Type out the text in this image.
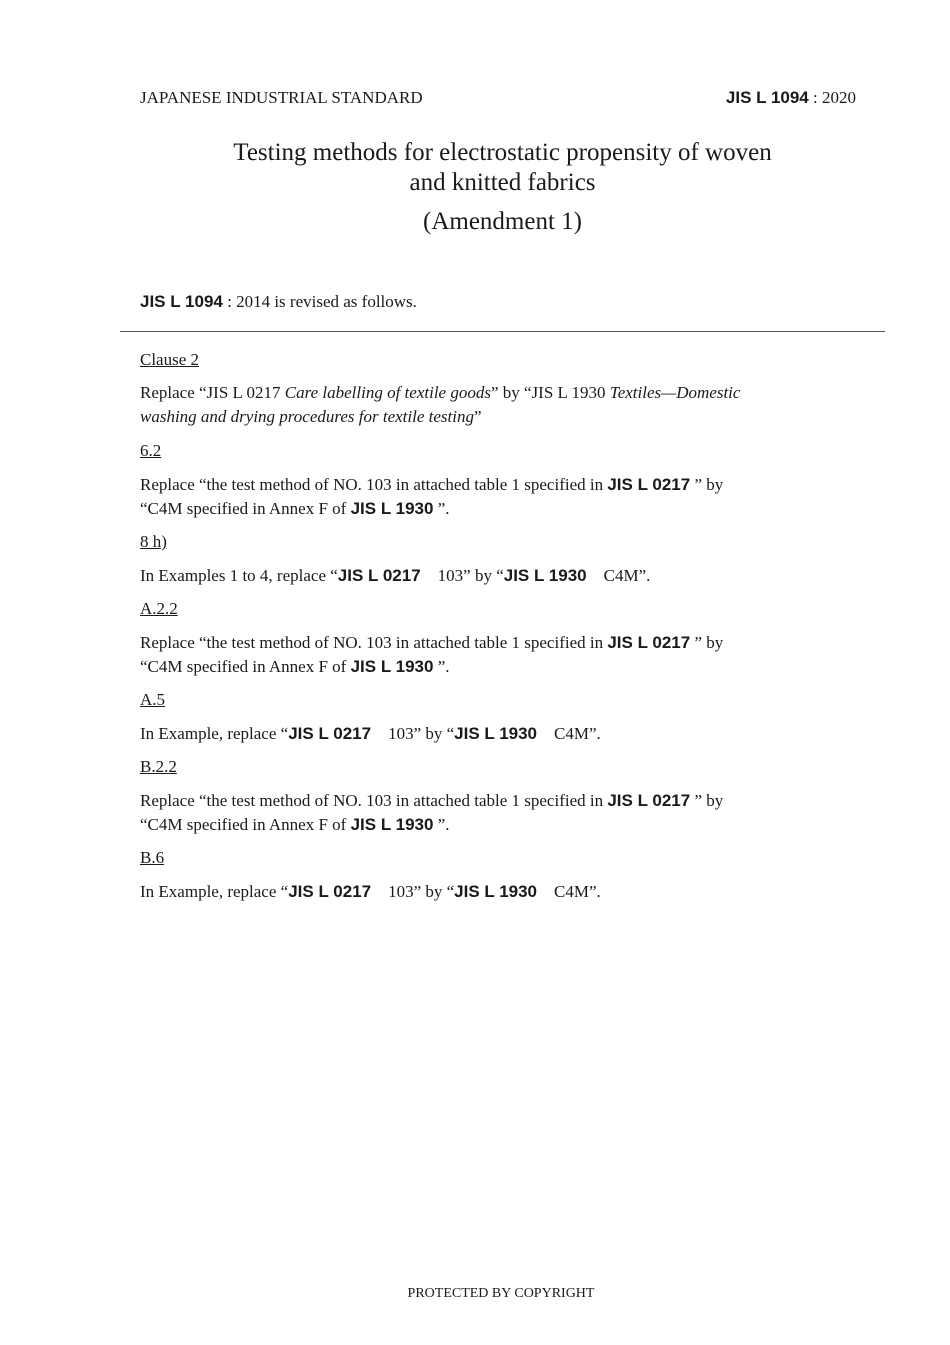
JAPANESE INDUSTRIAL STANDARD	JIS L 1094 : 2020
Testing methods for electrostatic propensity of woven
and knitted fabrics
(Amendment 1)
JIS L 1094 : 2014 is revised as follows.
Clause 2
Replace “JIS L 0217 Care labelling of textile goods” by “JIS L 1930 Textiles—Domestic
washing and drying procedures for textile testing”
6.2
Replace “the test method of NO. 103 in attached table 1 specified in JIS L 0217 ” by
“C4M specified in Annex F of JIS L 1930 ”.
8 h)
In Examples 1 to 4, replace “JIS L 0217 103” by “JIS L 1930 C4M”.
A.2.2
Replace “the test method of NO. 103 in attached table 1 specified in JIS L 0217 ” by
“C4M specified in Annex F of JIS L 1930 ”.
A.5
In Example, replace “JIS L 0217 103” by “JIS L 1930 C4M”.
B.2.2
Replace “the test method of NO. 103 in attached table 1 specified in JIS L 0217 ” by
“C4M specified in Annex F of JIS L 1930 ”.
B.6
In Example, replace “JIS L 0217 103” by “JIS L 1930 C4M”.
PROTECTED BY COPYRIGHT
